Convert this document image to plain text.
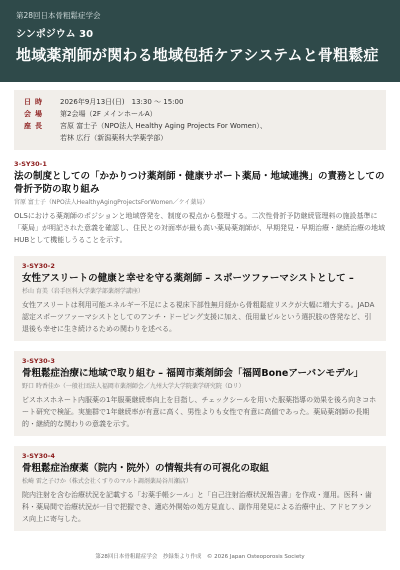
第28回日本骨粗鬆症学会
シンポジウム 30
地域薬剤師が関わる地域包括ケアシステムと骨粗鬆症
日時	2026年9月13日(日)　13:30 ～ 15:00
会場	第2会場（2F メインホールA）
座長	宮原 富士子（NPO法人 Healthy Aging Projects For Women）、
若林 広行（新潟薬科大学薬学部）
3-SY30-1
法の制度としての「かかりつけ薬剤師・健康サポート薬局・地域連携」の責務としての骨折予防の取り組み
宮原 富士子（NPO法人HealthyAgingProjectsForWomen／ケイ薬局）
OLSにおける薬剤師のポジションと地域啓発を、制度の視点から整理する。二次性骨折予防継続管理料の施設基準に「薬局」が明記された意義を確認し、住民との対面率が最も高い薬局薬剤師が、早期発見・早期治療・継続治療の地域HUBとして機能しうることを示す。
3-SY30-2
女性アスリートの健康と幸せを守る薬剤師 – スポーツファーマシストとして –
杉山 育美（岩手医科大学薬学部薬剤学講座）
女性アスリートは利用可能エネルギー不足による視床下部性無月経から骨粗鬆症リスクが大幅に増大する。JADA認定スポーツファーマシストとしてのアンチ・ドーピング支援に加え、低用量ピルという選択肢の啓発など、引退後も幸せに生き続けるための関わりを述べる。
3-SY30-3
骨粗鬆症治療に地域で取り組む – 福岡市薬剤師会「福岡Boneアーバンモデル」
野口 時香佳か（一般社団法人福岡市薬剤師会／九州大学大学院薬学研究院（Dリ）
ビスホスホネート内服薬の1年服薬継続率向上を目指し、チェックシールを用いた服薬指導の効果を後ろ向きコホート研究で検証。実施群で1年継続率が有意に高く、男性よりも女性で有意に高値であった。薬局薬剤師の長期的・継続的な関わりの意義を示す。
3-SY30-4
骨粗鬆症治療薬（院内・院外）の情報共有の可視化の取組
松崎 雷之子けか（株式会社くすりのマルト調剤薬局谷川瀬店）
院内注射を含む治療状況を記載する「お薬手帳シール」と「自己注射治療状況報告書」を作成・運用。医科・歯科・薬局間で治療状況が一目で把握でき、適応外開始の処方見直し、副作用発見による治療中止、アドヒアランス向上に寄与した。
第28回日本骨粗鬆症学会　抄録集より作成　© 2026 Japan Osteoporosis Society
